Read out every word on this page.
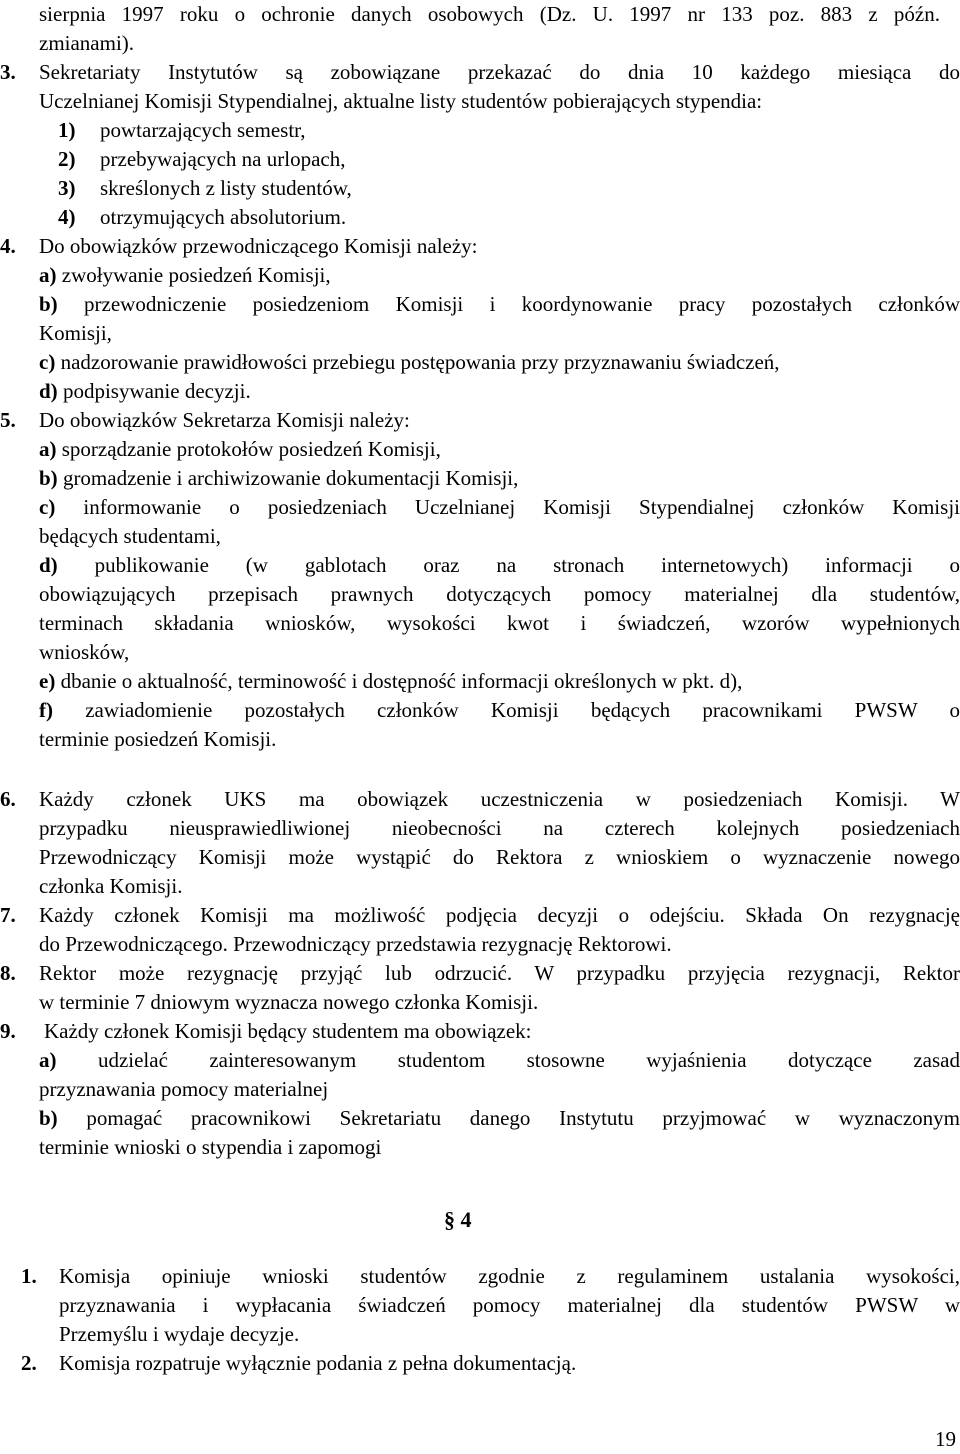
sierpnia 1997 roku o ochronie danych osobowych (Dz. U. 1997 nr 133 poz. 883 z późn.
zmianami).
3. Sekretariaty Instytutów są zobowiązane przekazać do dnia 10 każdego miesiąca do
Uczelnianej Komisji Stypendialnej, aktualne listy studentów pobierających stypendia:
1) powtarzających semestr,
2) przebywających na urlopach,
3) skreślonych z listy studentów,
4) otrzymujących absolutorium.
4. Do obowiązków przewodniczącego Komisji należy:
a) zwoływanie posiedzeń Komisji,
b) przewodniczenie posiedzeniom Komisji i koordynowanie pracy pozostałych członków
Komisji,
c) nadzorowanie prawidłowości przebiegu postępowania przy przyznawaniu świadczeń,
d) podpisywanie decyzji.
5. Do obowiązków Sekretarza Komisji należy:
a) sporządzanie protokołów posiedzeń Komisji,
b) gromadzenie i archiwizowanie dokumentacji Komisji,
c) informowanie o posiedzeniach Uczelnianej Komisji Stypendialnej członków Komisji
będących studentami,
d) publikowanie (w gablotach oraz na stronach internetowych) informacji o
obowiązujących przepisach prawnych dotyczących pomocy materialnej dla studentów,
terminach składania wniosków, wysokości kwot i świadczeń, wzorów wypełnionych
wniosków,
e) dbanie o aktualność, terminowość i dostępność informacji określonych w pkt. d),
f) zawiadomienie pozostałych członków Komisji będących pracownikami PWSW o
terminie posiedzeń Komisji.
6. Każdy członek UKS ma obowiązek uczestniczenia w posiedzeniach Komisji. W
przypadku nieusprawiedliwionej nieobecności na czterech kolejnych posiedzeniach
Przewodniczący Komisji może wystąpić do Rektora z wnioskiem o wyznaczenie nowego
członka Komisji.
7. Każdy członek Komisji ma możliwość podjęcia decyzji o odejściu. Składa On rezygnację
do Przewodniczącego. Przewodniczący przedstawia rezygnację Rektorowi.
8. Rektor może rezygnację przyjąć lub odrzucić. W przypadku przyjęcia rezygnacji, Rektor
w terminie 7 dniowym wyznacza nowego członka Komisji.
9. Każdy członek Komisji będący studentem ma obowiązek:
a) udzielać zainteresowanym studentom stosowne wyjaśnienia dotyczące zasad
przyznawania pomocy materialnej
b) pomagać pracownikowi Sekretariatu danego Instytutu przyjmować w wyznaczonym
terminie wnioski o stypendia i zapomogi
§ 4
1. Komisja opiniuje wnioski studentów zgodnie z regulaminem ustalania wysokości,
przyznawania i wypłacania świadczeń pomocy materialnej dla studentów PWSW w
Przemyślu i wydaje decyzje.
2. Komisja rozpatruje wyłącznie podania z pełna dokumentacją.
19
